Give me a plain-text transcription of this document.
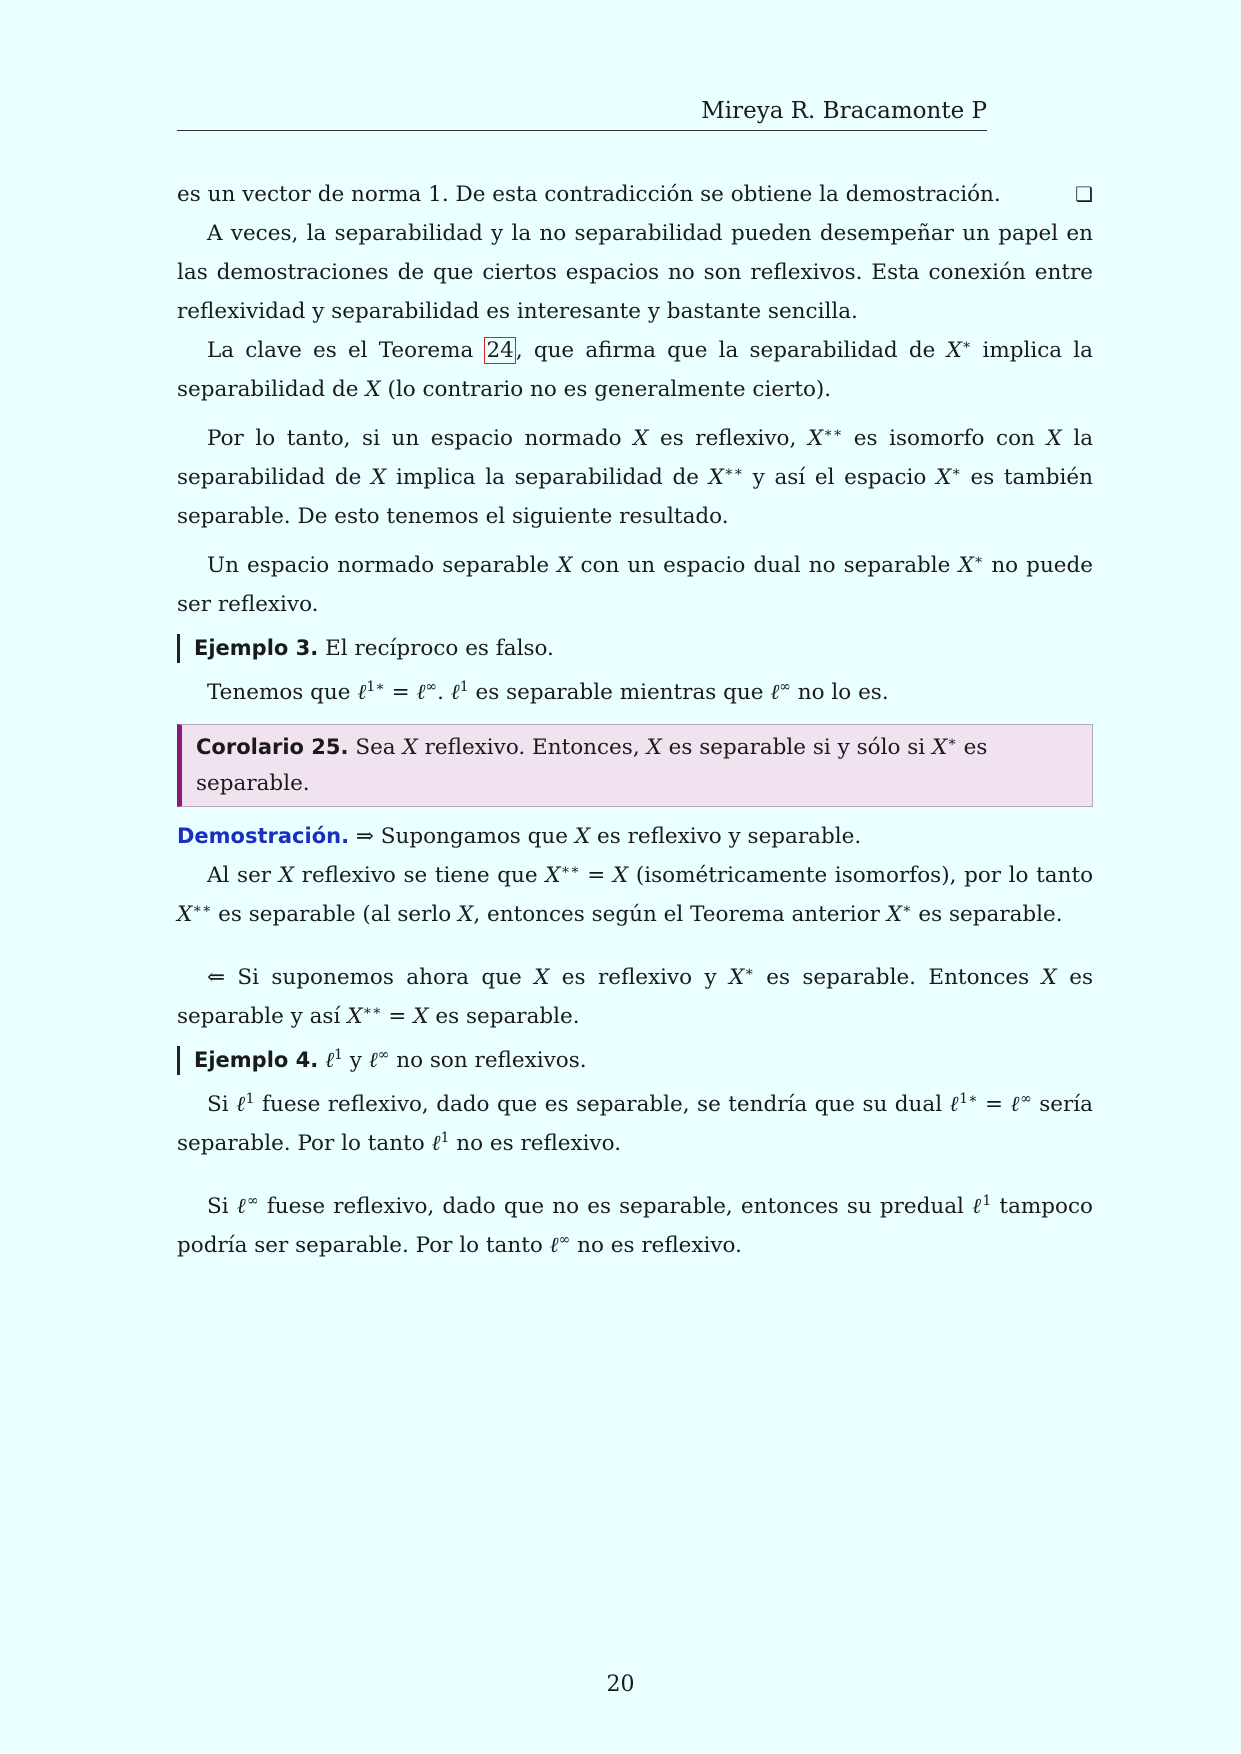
Mireya R. Bracamonte P

es un vector de norma 1. De esta contradicción se obtiene la demostración.	❏

A veces, la separabilidad y la no separabilidad pueden desempeñar un papel en las demostraciones de que ciertos espacios no son reflexivos. Esta conexión entre reflexividad y separabilidad es interesante y bastante sencilla.

La clave es el Teorema 24, que afirma que la separabilidad de X∗ implica la separabilidad de X (lo contrario no es generalmente cierto).

Por lo tanto, si un espacio normado X es reflexivo, X∗∗ es isomorfo con X la separabilidad de X implica la separabilidad de X∗∗ y así el espacio X∗ es también separable. De esto tenemos el siguiente resultado.

Un espacio normado separable X con un espacio dual no separable X∗ no puede ser reflexivo.

Ejemplo 3. El recíproco es falso.

Tenemos que ℓ$^{1∗}$ = ℓ∞. ℓ$^1$ es separable mientras que ℓ∞ no lo es.

Corolario 25. Sea X reflexivo. Entonces, X es separable si y sólo si X∗ es separable.

Demostración. ⇒ Supongamos que X es reflexivo y separable.

Al ser X reflexivo se tiene que X∗∗ = X (isométricamente isomorfos), por lo tanto X∗∗ es separable (al serlo X, entonces según el Teorema anterior X∗ es separable.

⇐ Si suponemos ahora que X es reflexivo y X∗ es separable. Entonces X es separable y así X∗∗ = X es separable.

Ejemplo 4. ℓ$^1$ y ℓ∞ no son reflexivos.

Si ℓ$^1$ fuese reflexivo, dado que es separable, se tendría que su dual ℓ$^{1∗}$ = ℓ∞ sería separable. Por lo tanto ℓ$^1$ no es reflexivo.

Si ℓ∞ fuese reflexivo, dado que no es separable, entonces su predual ℓ$^1$ tampoco podría ser separable. Por lo tanto ℓ∞ no es reflexivo.

20
